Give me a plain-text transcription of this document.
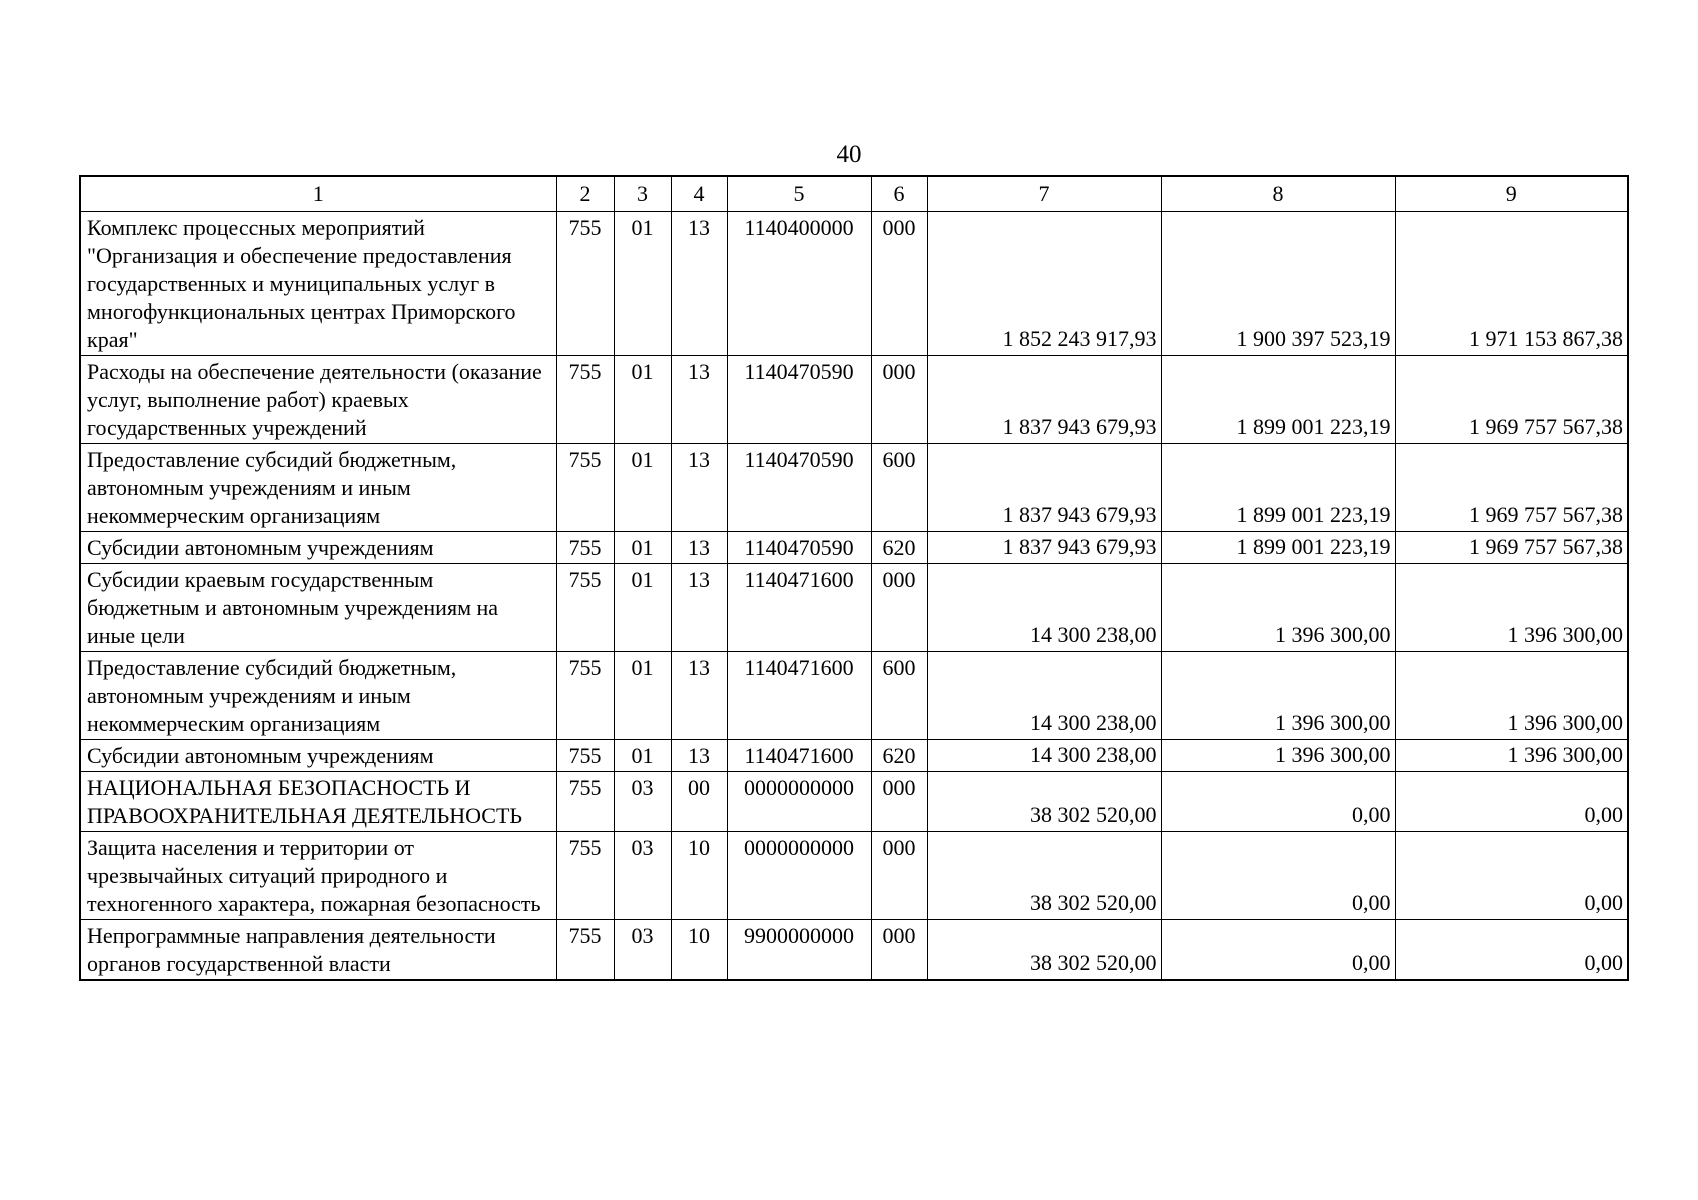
40
1	2	3	4	5	6	7	8	9
Комплекс процессных мероприятий "Организация и обеспечение предоставления государственных и муниципальных услуг в многофункциональных центрах Приморского края"	755	01	13	1140400000	000	1 852 243 917,93	1 900 397 523,19	1 971 153 867,38
Расходы на обеспечение деятельности (оказание услуг, выполнение работ) краевых государственных учреждений	755	01	13	1140470590	000	1 837 943 679,93	1 899 001 223,19	1 969 757 567,38
Предоставление субсидий бюджетным, автономным учреждениям и иным некоммерческим организациям	755	01	13	1140470590	600	1 837 943 679,93	1 899 001 223,19	1 969 757 567,38
Субсидии автономным учреждениям	755	01	13	1140470590	620	1 837 943 679,93	1 899 001 223,19	1 969 757 567,38
Субсидии краевым государственным бюджетным и автономным учреждениям на иные цели	755	01	13	1140471600	000	14 300 238,00	1 396 300,00	1 396 300,00
Предоставление субсидий бюджетным, автономным учреждениям и иным некоммерческим организациям	755	01	13	1140471600	600	14 300 238,00	1 396 300,00	1 396 300,00
Субсидии автономным учреждениям	755	01	13	1140471600	620	14 300 238,00	1 396 300,00	1 396 300,00
НАЦИОНАЛЬНАЯ БЕЗОПАСНОСТЬ И ПРАВООХРАНИТЕЛЬНАЯ ДЕЯТЕЛЬНОСТЬ	755	03	00	0000000000	000	38 302 520,00	0,00	0,00
Защита населения и территории от чрезвычайных ситуаций природного и техногенного характера, пожарная безопасность	755	03	10	0000000000	000	38 302 520,00	0,00	0,00
Непрограммные направления деятельности органов государственной власти	755	03	10	9900000000	000	38 302 520,00	0,00	0,00
